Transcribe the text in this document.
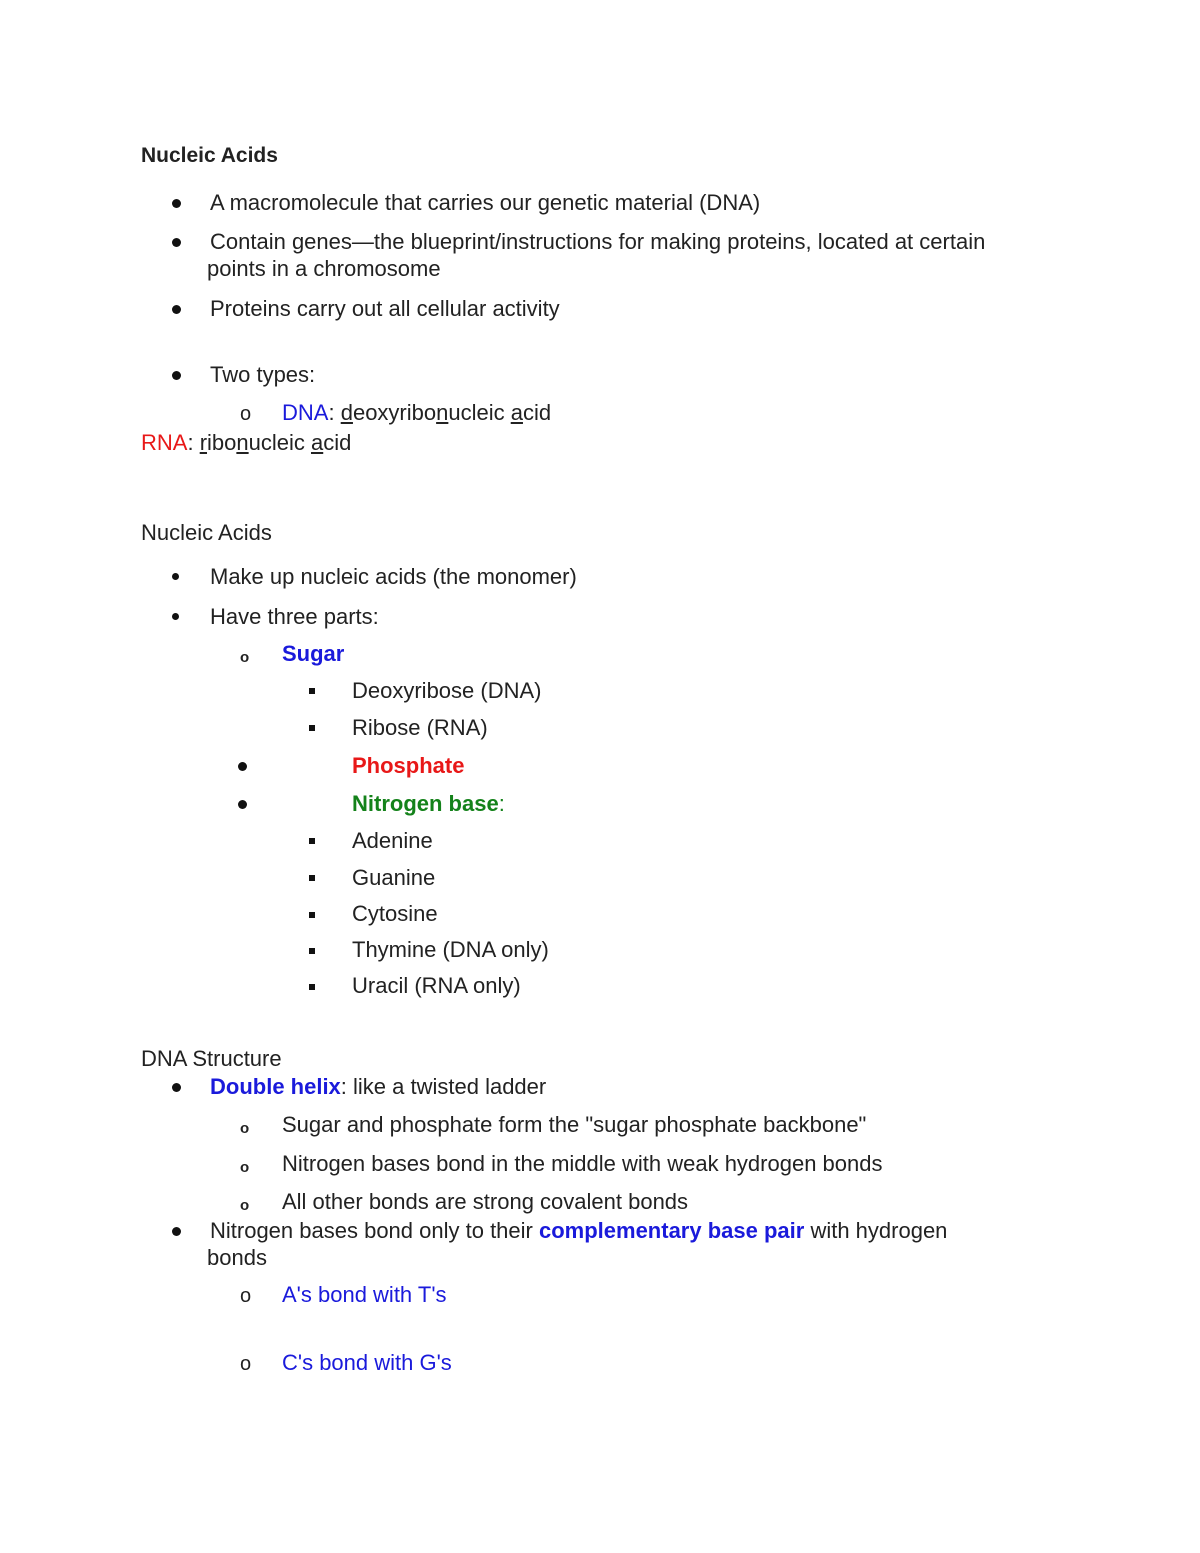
Nucleic Acids
A macromolecule that carries our genetic material (DNA)
Contain genes—the blueprint/instructions for making proteins, located at certain
points in a chromosome
Proteins carry out all cellular activity
Two types:
o DNA: deoxyribonucleic acid
RNA: ribonucleic acid
Nucleic Acids
Make up nucleic acids (the monomer)
Have three parts:
o Sugar
Deoxyribose (DNA)
Ribose (RNA)
Phosphate
Nitrogen base:
Adenine
Guanine
Cytosine
Thymine (DNA only)
Uracil (RNA only)
DNA Structure
Double helix: like a twisted ladder
o Sugar and phosphate form the "sugar phosphate backbone"
o Nitrogen bases bond in the middle with weak hydrogen bonds
o All other bonds are strong covalent bonds
Nitrogen bases bond only to their complementary base pair with hydrogen
bonds
o A's bond with T's
o C's bond with G's
